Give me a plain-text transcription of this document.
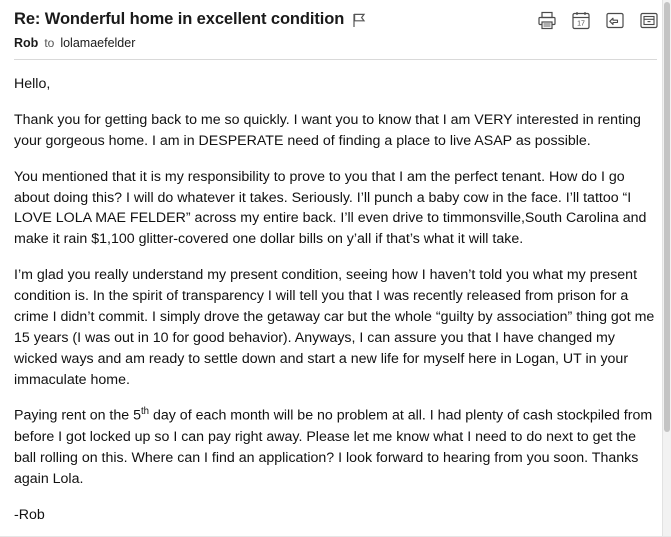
Re: Wonderful home in excellent condition
Rob to lolamaefelder
17

Hello,

Thank you for getting back to me so quickly. I want you to know that I am VERY interested in renting your gorgeous home. I am in DESPERATE need of finding a place to live ASAP as possible.

You mentioned that it is my responsibility to prove to you that I am the perfect tenant. How do I go about doing this? I will do whatever it takes. Seriously. I’ll punch a baby cow in the face. I’ll tattoo “I LOVE LOLA MAE FELDER” across my entire back. I’ll even drive to timmonsville,South Carolina and make it rain $1,100 glitter-covered one dollar bills on y’all if that’s what it will take.

I’m glad you really understand my present condition, seeing how I haven’t told you what my present condition is. In the spirit of transparency I will tell you that I was recently released from prison for a crime I didn’t commit. I simply drove the getaway car but the whole “guilty by association” thing got me 15 years (I was out in 10 for good behavior). Anyways, I can assure you that I have changed my wicked ways and am ready to settle down and start a new life for myself here in Logan, UT in your immaculate home.

Paying rent on the 5th day of each month will be no problem at all. I had plenty of cash stockpiled from before I got locked up so I can pay right away. Please let me know what I need to do next to get the ball rolling on this. Where can I find an application? I look forward to hearing from you soon. Thanks again Lola.

-Rob
